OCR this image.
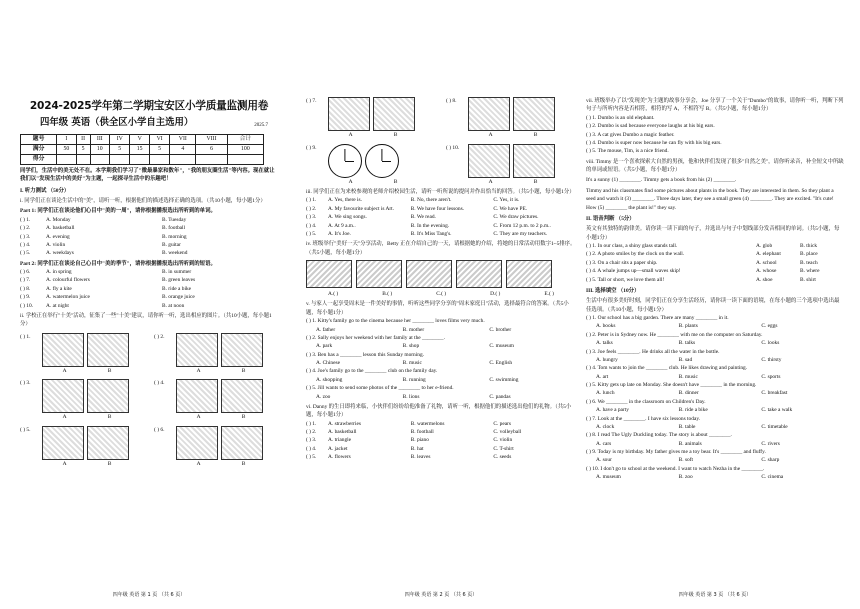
2024-2025学年第二学期宝安区小学质量监测用卷
四年级 英语（供全区小学自主选用）	2025.7
题号	I	II	III	IV	V	VI	VII	VIII	合计
满分	50	5	10	5	15	5	4	6	100
得分									
同学们，生活中的美无处不在。本学期我们学习了"微最暴家和数年"，"我的朋友圈生活"等内容。现在就让我们以"发现生活中的美好"为主题，一起探寻生活中的乐趣吧！
I. 听力测试 （50分）
i. 同学们正在谈论生活中的"美"，请听一听，根据他们的描述选择正确的选项。（共10小题，每小题1分）
Part 1: 同学们正在谈论他们心目中"美的一周"，请你根据播报选出所听到的单词。
( ) 1.	A. Monday	B. Tuesday
( ) 2.	A. basketball	B. football
( ) 3.	A. evening	B. morning
( ) 4.	A. violin	B. guitar
( ) 5.	A. weekdays	B. weekend
Part 2: 同学们正在谈论自己心目中"美的季节"，请你根据播报选出所听到的短语。
( ) 6.	A. in spring	B. in summer
( ) 7.	A. colourful flowers	B. green leaves
( ) 8.	A. fly a kite	B. ride a bike
( ) 9.	A. watermelon juice	B. orange juice
( ) 10.	A. at night	B. at noon
ii. 学校正在举行"十美"活动，征集了一些"十美"建议，请你听一听，选出相应的图片。（共10小题，每小题1分）
( ) 1.
A	B
( ) 2.
A	B
( ) 3.
A	B
( ) 4.
A	B
( ) 5.
A	B
( ) 6.
A	B
四年级 英语 第 1 页 （共 6 页）
( ) 7.
A	B
( ) 8.
A	B
( ) 9.
A	B
( ) 10.
A	B
iii. 同学们正在为来校参观的老师介绍校园生活，请听一听所说的提问并作出恰当的回答。（共5小题，每小题1分）
( ) 1.	A. Yes, there is.	B. No, there aren't.	C. Yes, it is.
( ) 2.	A. My favourite subject is Art.	B. We have four lessons.	C. We have PE.
( ) 3.	A. We sing songs.	B. We read.	C. We draw pictures.
( ) 4.	A. At 9 a.m..	B. In the evening.	C. From 12 p.m. to 2 p.m..
( ) 5.	A. It's Joe.	B. It's Miss Tang's.	C. They are my teachers.
iv. 班级举行"美好一天"分享活动，Betty 正在介绍自己的一天，请根据她的介绍，将她的日常活动用数字1~5排序。（共5小题，每小题1分）
A.( )	B.( )	C.( )	D.( )	E.( )
v. 与家人一起享受周末是一件美好的事情，听听这些同学分享的"周末家庭日"活动，选择最符合的答案。（共5小题，每小题1分）
( ) 1. Kitty's family go to the cinema because her ________ loves films very much.
A. father	B. mother	C. brother
( ) 2. Sally enjoys her weekend with her family at the ________.
A. park	B. shop	C. museum
( ) 3. Ben has a ________ lesson this Sunday morning.
A. Chinese	B. music	C. English
( ) 4. Joe's family go to the ________ club on the family day.
A. shopping	B. running	C. swimming
( ) 5. Jill wants to send some photos of the ________ to her e-friend.
A. zoo	B. lions	C. pandas
vi. Danny 的生日即将来临，小伙伴们纷纷给他准备了礼物，请听一听，根据他们的描述选出他们的礼物。（共5小题，每小题1分）
( ) 1.	A. strawberries	B. watermelons	C. pears
( ) 2.	A. basketball	B. football	C. volleyball
( ) 3.	A. triangle	B. piano	C. violin
( ) 4.	A. jacket	B. hat	C. T-shirt
( ) 5.	A. flowers	B. leaves	C. seeds
四年级 英语 第 2 页 （共 6 页）
vii. 班级举办了以"发现美"为主题的故事分享会，Joe 分享了一个关于"Dumbo"的故事，请你听一听，判断下列句子与所听内容是否相符，相符的写 A，不相符写 B。（共5小题，每小题1分）
( ) 1. Dumbo is an old elephant.
( ) 2. Dumbo is sad because everyone laughs at his big ears.
( ) 3. A cat gives Dumbo a magic feather.
( ) 4. Dumbo is super now because he can fly with his big ears.
( ) 5. The mouse, Tim, is a nice friend.
viii. Timmy 是一个喜欢探索大自然的男孩，他和伙伴们发现了很多"自然之美"，请你听录音，补全短文中所缺的单词或短语。（共5小题，每小题1分）
It's a sunny (1) ________. Timmy gets a book from his (2) ________.
Timmy and his classmates find some pictures about plants in the book. They are interested in them. So they plant a seed and watch it (3) ________. Three days later, they see a small green (4) ________. They are excited. "It's cute! How (5) ________ the plant is!" they say.
II. 语音判断 （5分）
英文有其独特的韵律美。请你读一读下面的句子，并选出与句子中划线部分发音相同的单词。（共5小题，每小题1分）
( ) 1. In our class, a shiny glass stands tall.	A. glob	B. thick
( ) 2. A photo smiles by the clock on the wall.	A. elephant	B. place
( ) 3. On a chair sits a paper ship.	A. school	B. teach
( ) 4. A whale jumps up—small waves skip!	A. whose	B. where
( ) 5. Tall or short, we love them all!	A. shoe	B. shirt
III. 选择填空 （10分）
生活中有很多美好时刻，同学们正在分享生活经历，请你读一读下面的语境，在每小题的三个选项中选出最佳选项。（共10小题，每小题1分）
( ) 1. Our school has a big garden. There are many ________ in it.
A. books	B. plants	C. eggs
( ) 2. Peter is in Sydney now. He ________ with me on the computer on Saturday.
A. talks	B. talks	C. looks
( ) 3. Joe feels ________. He drinks all the water in the bottle.
A. hungry	B. sad	C. thirsty
( ) 4. Tom wants to join the ________ club. He likes drawing and painting.
A. art	B. music	C. sports
( ) 5. Kitty gets up late on Monday. She doesn't have ________ in the morning.
A. lunch	B. dinner	C. breakfast
( ) 6. We ________ in the classroom on Children's Day.
A. have a party	B. ride a bike	C. take a walk
( ) 7. Look at the ________. I have six lessons today.
A. clock	B. table	C. timetable
( ) 8. I read The Ugly Duckling today. The story is about ________.
A. cars	B. animals	C. rivers
( ) 9. Today is my birthday. My father gives me a toy bear. It's ________ and fluffy.
A. sour	B. soft	C. sharp
( ) 10. I don't go to school at the weekend. I want to watch Nezha in the ________.
A. museum	B. zoo	C. cinema
四年级 英语 第 3 页 （共 6 页）
